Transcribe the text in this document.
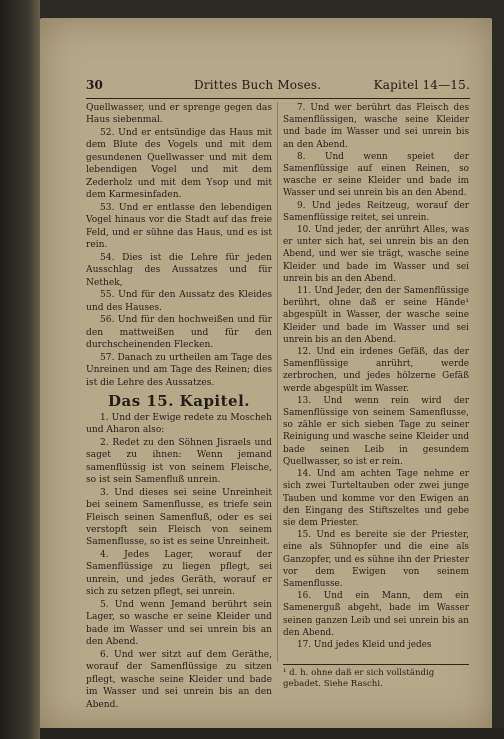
30	Drittes Buch Moses.	Kapitel 14—15.

Quellwasser, und er sprenge gegen das Haus siebenmal.

52. Und er entsündige das Haus mit dem Blute des Vogels und mit dem gesundenen Quellwasser und mit dem lebendigen Vogel und mit dem Zederholz und mit dem Ysop und mit dem Karmesinfaden.

53. Und er entlasse den lebendigen Vogel hinaus vor die Stadt auf das freie Feld, und er sühne das Haus, und es ist rein.

54. Dies ist die Lehre für jeden Ausschlag des Aussatzes und für Nethek,

55. Und für den Aussatz des Kleides und des Hauses.

56. Und für den hochweißen und für den mattweißen und für den durchscheinenden Flecken.

57. Danach zu urtheilen am Tage des Unreinen und am Tage des Reinen; dies ist die Lehre des Aussatzes.

Das 15. Kapitel.

1. Und der Ewige redete zu Moscheh und Aharon also:

2. Redet zu den Söhnen Jisraels und saget zu ihnen: Wenn jemand samenflüssig ist von seinem Fleische, so ist sein Samenfluß unrein.

3. Und dieses sei seine Unreinheit bei seinem Samenflusse, es triefe sein Fleisch seinen Samenfluß, oder es sei verstopft sein Fleisch von seinem Samenflusse, so ist es seine Unreinheit.

4. Jedes Lager, worauf der Samenflüssige zu liegen pflegt, sei unrein, und jedes Geräth, worauf er sich zu setzen pflegt, sei unrein.

5. Und wenn Jemand berührt sein Lager, so wasche er seine Kleider und bade im Wasser und sei unrein bis an den Abend.

6. Und wer sitzt auf dem Geräthe, worauf der Samenflüssige zu sitzen pflegt, wasche seine Kleider und bade im Wasser und sei unrein bis an den Abend.

7. Und wer berührt das Fleisch des Samenflüssigen, wasche seine Kleider und bade im Wasser und sei unrein bis an den Abend.

8. Und wenn speiet der Samenflüssige auf einen Reinen, so wasche er seine Kleider und bade im Wasser und sei unrein bis an den Abend.

9. Und jedes Reitzeug, worauf der Samenflüssige reitet, sei unrein.

10. Und jeder, der anrührt Alles, was er unter sich hat, sei unrein bis an den Abend, und wer sie trägt, wasche seine Kleider und bade im Wasser und sei unrein bis an den Abend.

11. Und Jeder, den der Samenflüssige berührt, ohne daß er seine Hände¹ abgespült in Wasser, der wasche seine Kleider und bade im Wasser und sei unrein bis an den Abend.

12. Und ein irdenes Gefäß, das der Samenflüssige anrührt, werde zerbrochen, und jedes hölzerne Gefäß werde abgespült im Wasser.

13. Und wenn rein wird der Samenflüssige von seinem Samenflusse, so zähle er sich sieben Tage zu seiner Reinigung und wasche seine Kleider und bade seinen Leib in gesundem Quellwasser, so ist er rein.

14. Und am achten Tage nehme er sich zwei Turteltauben oder zwei junge Tauben und komme vor den Ewigen an den Eingang des Stiftszeltes und gebe sie dem Priester.

15. Und es bereite sie der Priester, eine als Sühnopfer und die eine als Ganzopfer, und es sühne ihn der Priester vor dem Ewigen von seinem Samenflusse.

16. Und ein Mann, dem ein Samenerguß abgeht, bade im Wasser seinen ganzen Leib und sei unrein bis an den Abend.

17. Und jedes Kleid und jedes

¹ d. h. ohne daß er sich vollständig gebadet. Siehe Raschi.
